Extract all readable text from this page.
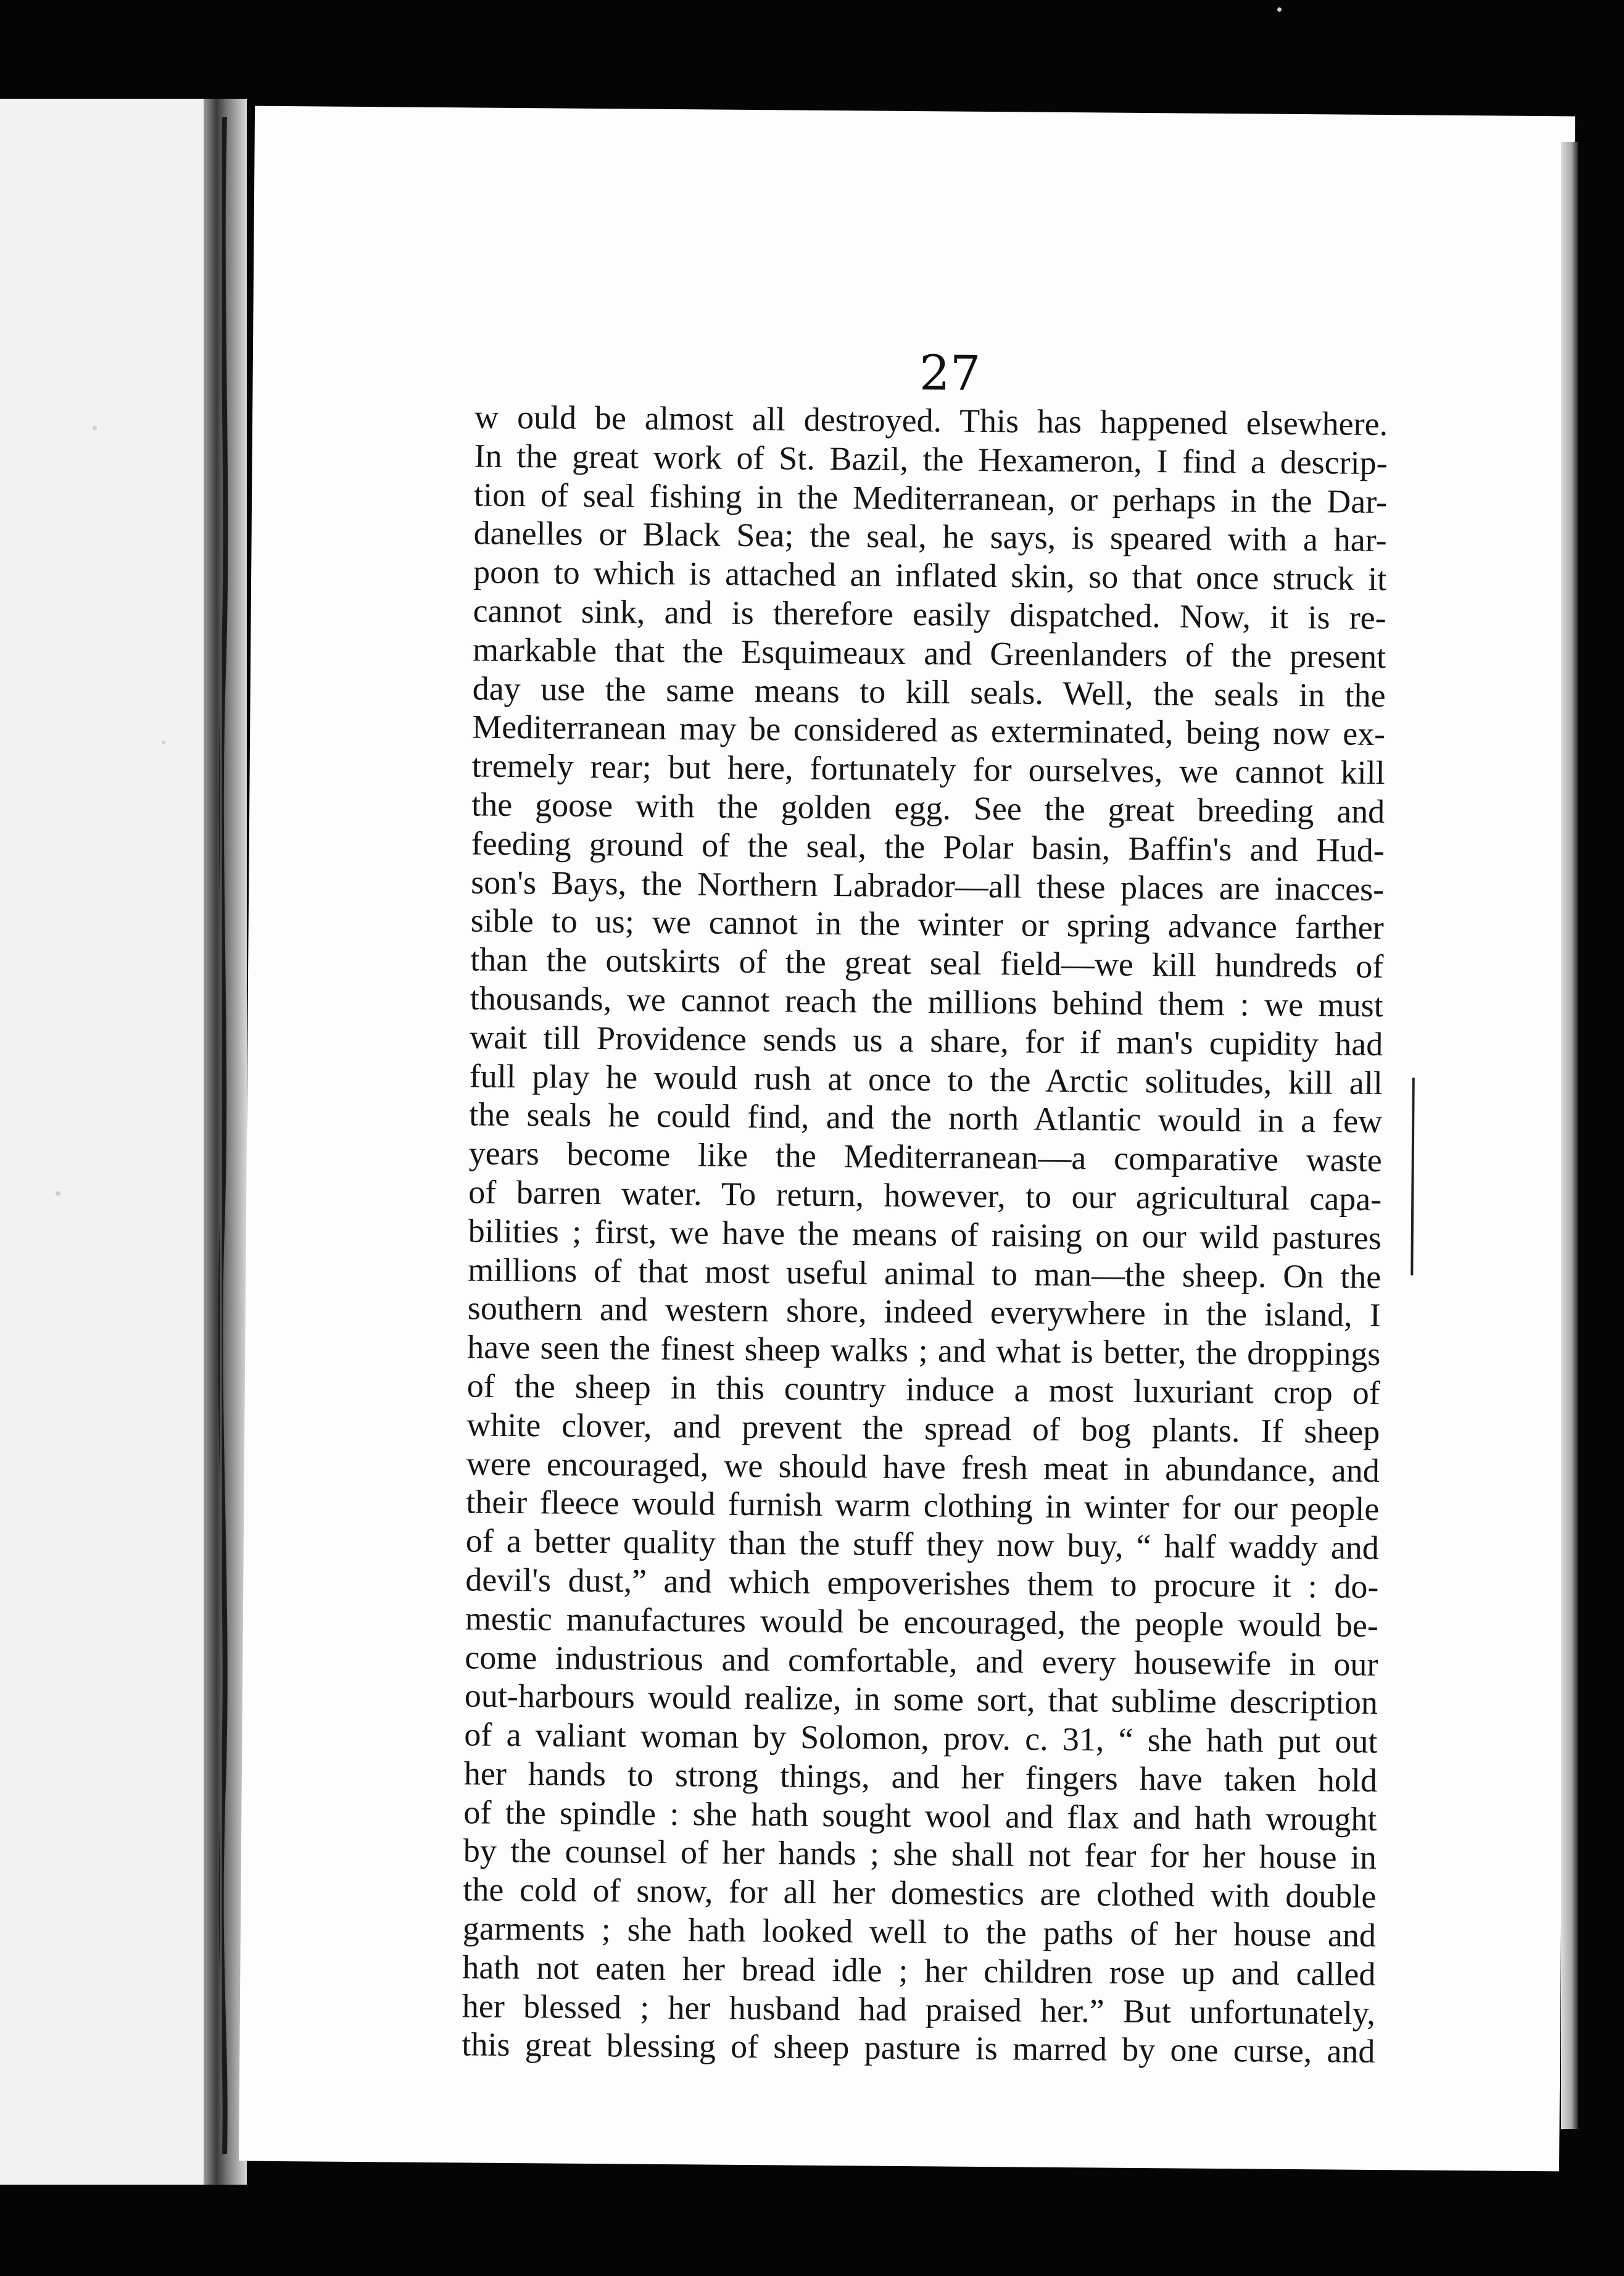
27
w ould be almost all destroyed. This has happened elsewhere.
In the great work of St. Bazil, the Hexameron, I find a descrip-
tion of seal fishing in the Mediterranean, or perhaps in the Dar-
danelles or Black Sea; the seal, he says, is speared with a har-
poon to which is attached an inflated skin, so that once struck it
cannot sink, and is therefore easily dispatched. Now, it is re-
markable that the Esquimeaux and Greenlanders of the present
day use the same means to kill seals. Well, the seals in the
Mediterranean may be considered as exterminated, being now ex-
tremely rear; but here, fortunately for ourselves, we cannot kill
the goose with the golden egg. See the great breeding and
feeding ground of the seal, the Polar basin, Baffin's and Hud-
son's Bays, the Northern Labrador—all these places are inacces-
sible to us; we cannot in the winter or spring advance farther
than the outskirts of the great seal field—we kill hundreds of
thousands, we cannot reach the millions behind them : we must
wait till Providence sends us a share, for if man's cupidity had
full play he would rush at once to the Arctic solitudes, kill all
the seals he could find, and the north Atlantic would in a few
years become like the Mediterranean—a comparative waste
of barren water. To return, however, to our agricultural capa-
bilities ; first, we have the means of raising on our wild pastures
millions of that most useful animal to man—the sheep. On the
southern and western shore, indeed everywhere in the island, I
have seen the finest sheep walks ; and what is better, the droppings
of the sheep in this country induce a most luxuriant crop of
white clover, and prevent the spread of bog plants. If sheep
were encouraged, we should have fresh meat in abundance, and
their fleece would furnish warm clothing in winter for our people
of a better quality than the stuff they now buy, “ half waddy and
devil's dust,” and which empoverishes them to procure it : do-
mestic manufactures would be encouraged, the people would be-
come industrious and comfortable, and every housewife in our
out-harbours would realize, in some sort, that sublime description
of a valiant woman by Solomon, prov. c. 31, “ she hath put out
her hands to strong things, and her fingers have taken hold
of the spindle : she hath sought wool and flax and hath wrought
by the counsel of her hands ; she shall not fear for her house in
the cold of snow, for all her domestics are clothed with double
garments ; she hath looked well to the paths of her house and
hath not eaten her bread idle ; her children rose up and called
her blessed ; her husband had praised her.” But unfortunately,
this great blessing of sheep pasture is marred by one curse, and
